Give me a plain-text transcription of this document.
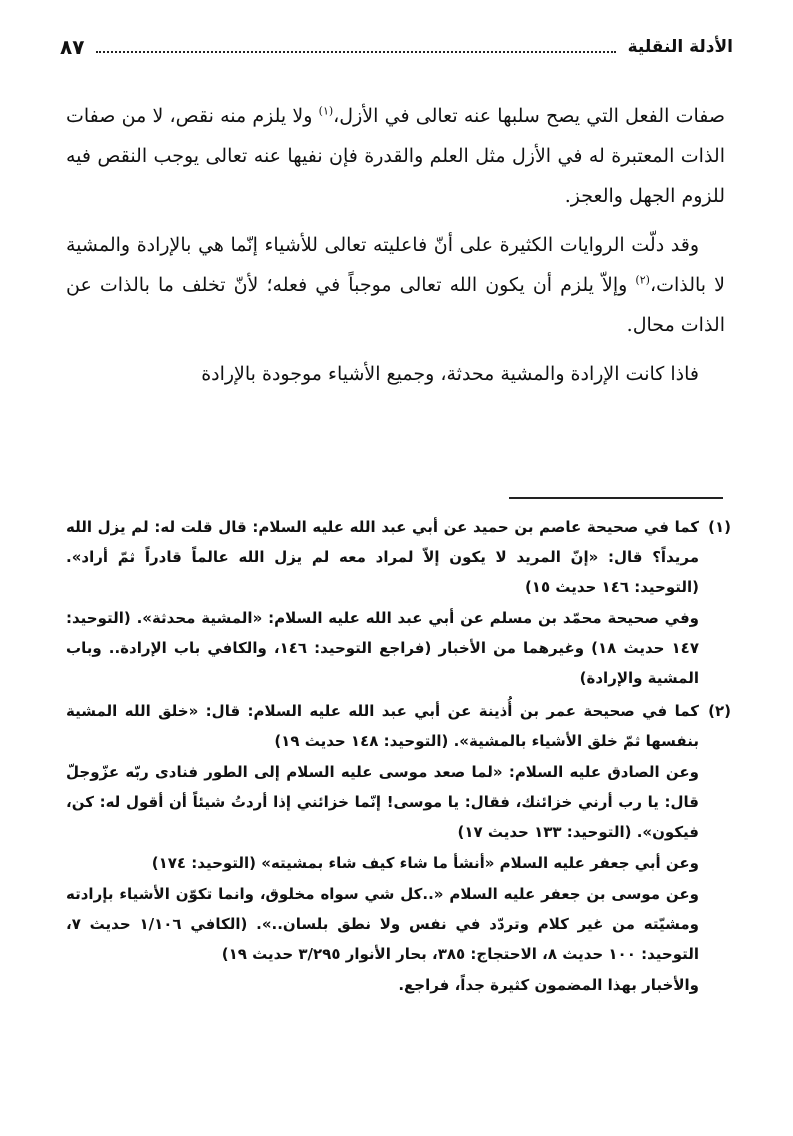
الأدلة النقلية
٨٧

صفات الفعل التي يصح سلبها عنه تعالى في الأزل،$^{(١)}$ ولا يلزم منه نقص، لا من صفات الذات المعتبرة له في الأزل مثل العلم والقدرة فإن نفيها عنه تعالى يوجب النقص فيه للزوم الجهل والعجز.

وقد دلّت الروايات الكثيرة على أنّ فاعليته تعالى للأشياء إنّما هي بالإرادة والمشية لا بالذات،$^{(٢)}$ وإلاّ يلزم أن يكون الله تعالى موجباً في فعله؛ لأنّ تخلف ما بالذات عن الذات محال.

فاذا كانت الإرادة والمشية محدثة، وجميع الأشياء موجودة بالإرادة

(١)

كما في صحيحة عاصم بن حميد عن أبي عبد الله عليه السلام: قال قلت له: لم يزل الله مريداً؟ قال: «إنّ المريد لا يكون إلاّ لمراد معه لم يزل الله عالماً قادراً ثمّ أراد». (التوحيد: ١٤٦ حديث ١٥)

وفي صحيحة محمّد بن مسلم عن أبي عبد الله عليه السلام: «المشية محدثة». (التوحيد: ١٤٧ حديث ١٨) وغيرهما من الأخبار (فراجع التوحيد: ١٤٦، والكافي باب الإرادة.. وباب المشية والإرادة)

(٢)

كما في صحيحة عمر بن أُذينة عن أبي عبد الله عليه السلام: قال: «خلق الله المشية بنفسها ثمّ خلق الأشياء بالمشية». (التوحيد: ١٤٨ حديث ١٩)

وعن الصادق عليه السلام: «لما صعد موسى عليه السلام إلى الطور فنادى ربّه عزّوجلّ قال: يا رب أرني خزائنك، فقال: يا موسى! إنّما خزائني إذا أردتُ شيئاً أن أقول له: كن، فيكون». (التوحيد: ١٣٣ حديث ١٧)

وعن أبي جعفر عليه السلام «أنشأ ما شاء كيف شاء بمشيته» (التوحيد: ١٧٤)

وعن موسى بن جعفر عليه السلام «..كل شي سواه مخلوق، وانما تكوّن الأشياء بإرادته ومشيّته من غير كلام وتردّد في نفس ولا نطق بلسان..». (الكافي ١/١٠٦ حديث ٧، التوحيد: ١٠٠ حديث ٨، الاحتجاج: ٣٨٥، بحار الأنوار ٣/٢٩٥ حديث ١٩)

والأخبار بهذا المضمون كثيرة جداً، فراجع.
